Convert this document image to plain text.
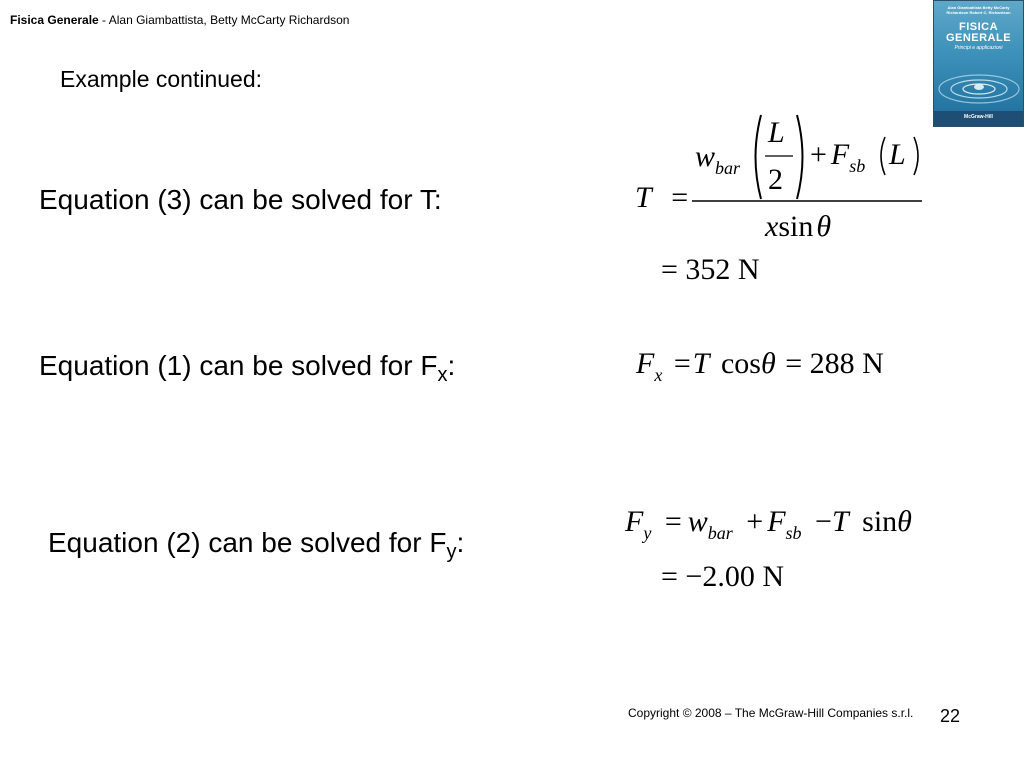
Fisica Generale - Alan Giambattista, Betty McCarty Richardson
Alan Giambattista Betty McCarty Richardson Robert C. Richardson
FISICA GENERALE
Principi e applicazioni
McGraw-Hill
Example continued:
Equation (3) can be solved for T:	T =
$w_{bar}$
L
2
+ $F_{sb}$ L
xsin θ
= 352 N
Equation (1) can be solved for $F_x$:	$F_x =T$ cosθ = 288 N
Equation (2) can be solved for $F_y$:
$F_y = w_{bar} + F_{sb} -T$ sinθ
= −2.00 N
Copyright © 2008 – The McGraw-Hill Companies s.r.l. 22
